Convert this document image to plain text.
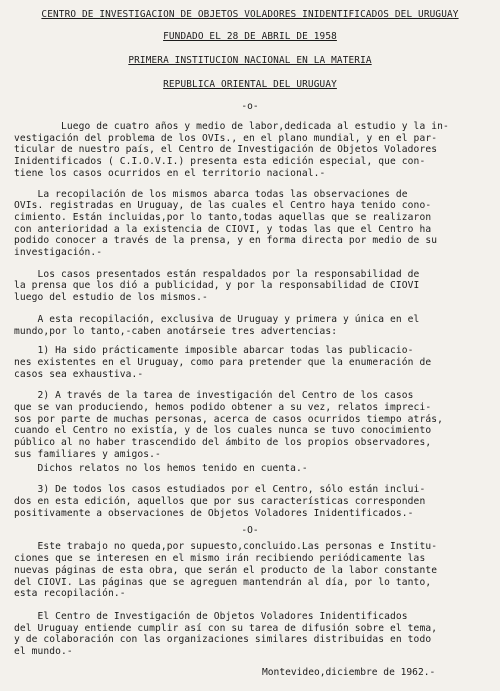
CENTRO DE INVESTIGACION DE OBJETOS VOLADORES INIDENTIFICADOS DEL URUGUAY
FUNDADO EL 28 DE ABRIL DE 1958
PRIMERA INSTITUCION NACIONAL EN LA MATERIA
REPUBLICA ORIENTAL DEL URUGUAY
-o-
Luego de cuatro años y medio de labor,dedicada al estudio y la in-
vestigación del problema de los OVIs., en el plano mundial, y en el par-
ticular de nuestro país, el Centro de Investigación de Objetos Voladores
Inidentificados ( C.I.O.V.I.) presenta esta edición especial, que con-
tiene los casos ocurridos en el territorio nacional.-
La recopilación de los mismos abarca todas las observaciones de
OVIs. registradas en Uruguay, de las cuales el Centro haya tenido cono-
cimiento. Están incluidas,por lo tanto,todas aquellas que se realizaron
con anterioridad a la existencia de CIOVI, y todas las que el Centro ha
podido conocer a través de la prensa, y en forma directa por medio de su
investigación.-
Los casos presentados están respaldados por la responsabilidad de
la prensa que los dió a publicidad, y por la responsabilidad de CIOVI
luego del estudio de los mismos.-
A esta recopilación, exclusiva de Uruguay y primera y única en el
mundo,por lo tanto,-caben anotárseie tres advertencias:
1) Ha sido prácticamente imposible abarcar todas las publicacio-
nes existentes en el Uruguay, como para pretender que la enumeración de
casos sea exhaustiva.-
2) A través de la tarea de investigación del Centro de los casos
que se van produciendo, hemos podido obtener a su vez, relatos impreci-
sos por parte de muchas personas, acerca de casos ocurridos tiempo atrás,
cuando el Centro no existía, y de los cuales nunca se tuvo conocimiento
público al no haber trascendido del ámbito de los propios observadores,
sus familiares y amigos.-
Dichos relatos no los hemos tenido en cuenta.-
3) De todos los casos estudiados por el Centro, sólo están inclui-
dos en esta edición, aquellos que por sus características corresponden
positivamente a observaciones de Objetos Voladores Inidentificados.-
-O-
Este trabajo no queda,por supuesto,concluido.Las personas e Institu-
ciones que se interesen en el mismo irán recibiendo periódicamente las
nuevas páginas de esta obra, que serán el producto de la labor constante
del CIOVI. Las páginas que se agreguen mantendrán al día, por lo tanto,
esta recopilación.-
El Centro de Investigación de Objetos Voladores Inidentificados
del Uruguay entiende cumplir así con su tarea de difusión sobre el tema,
y de colaboración con las organizaciones similares distribuidas en todo
el mundo.-
Montevideo,diciembre de 1962.-
